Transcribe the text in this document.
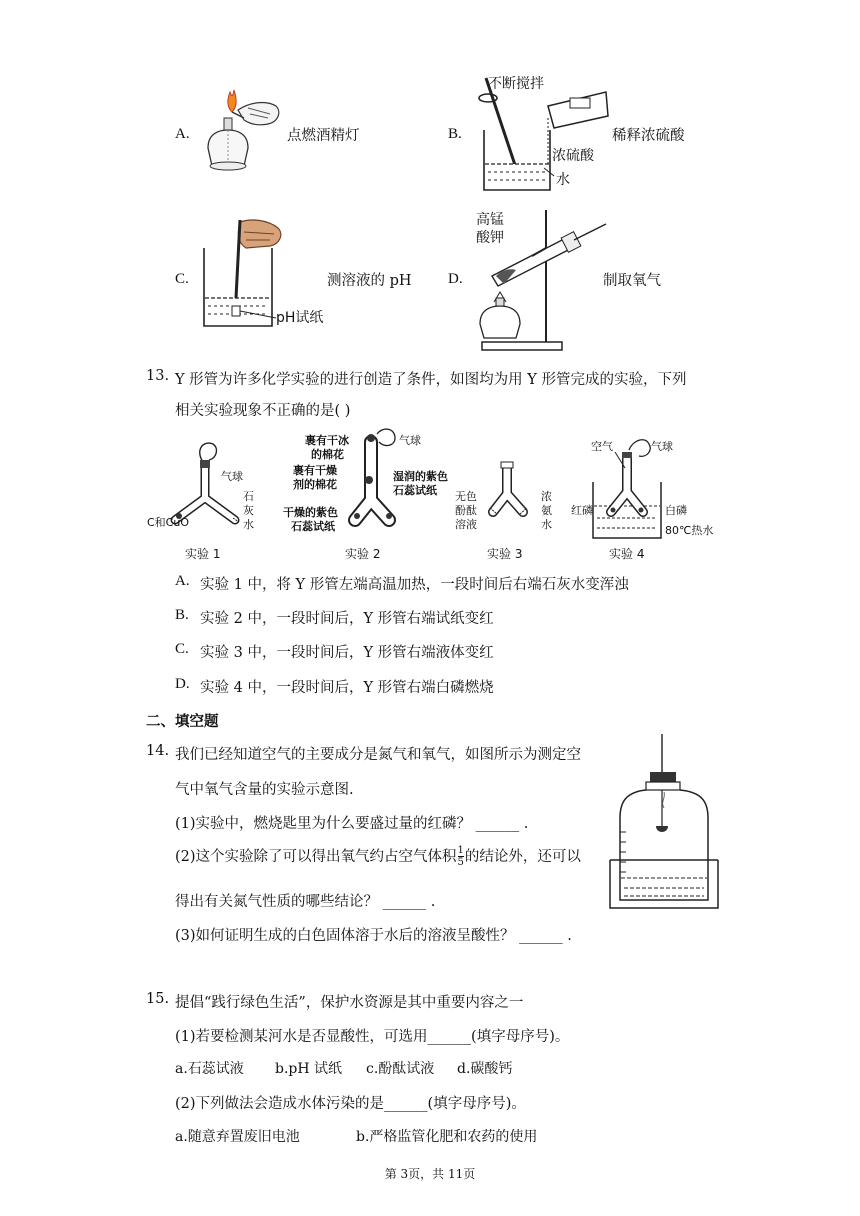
A.	点燃酒精灯	B.
不断搅拌
浓硫酸
水
稀释浓硫酸
C.
pH试纸
测溶液的 pH D.
高锰
酸钾
制取氧气
13. Y 形管为许多化学实验的进行创造了条件，如图均为用 Y 形管完成的实验，下列
相关实验现象不正确的是( )
C和CuO
气球
石
灰
水
实验 1
裹有干冰
的棉花
气球
裹有干燥
剂的棉花
湿润的紫色
石蕊试纸
干燥的紫色
石蕊试纸
实验 2
无色
酚酞
溶液
浓
氨
水
实验 3
空气	气球
红磷	白磷
80℃热水
实验 4
A. 实验 1 中，将 Y 形管左端高温加热，一段时间后右端石灰水变浑浊
B. 实验 2 中，一段时间后，Y 形管右端试纸变红
C. 实验 3 中，一段时间后，Y 形管右端液体变红
D. 实验 4 中，一段时间后，Y 形管右端白磷燃烧
二、填空题
14. 我们已经知道空气的主要成分是氮气和氧气，如图所示为测定空
气中氧气含量的实验示意图.
(1)实验中，燃烧匙里为什么要盛过量的红磷？ ______ .
(2)这个实验除了可以得出氧气约占空气体积 $\frac{1}{5}$ 的结论外，还可以
得出有关氮气性质的哪些结论？ ______ .
(3)如何证明生成的白色固体溶于水后的溶液呈酸性？ ______ .
15. 提倡“践行绿色生活”，保护水资源是其中重要内容之一
(1)若要检测某河水是否显酸性，可选用______(填字母序号)。
a.石蕊试液 b.pH 试纸 c.酚酞试液 d.碳酸钙
(2)下列做法会造成水体污染的是______(填字母序号)。
a.随意弃置废旧电池	b.严格监管化肥和农药的使用
第 3页，共 11页
